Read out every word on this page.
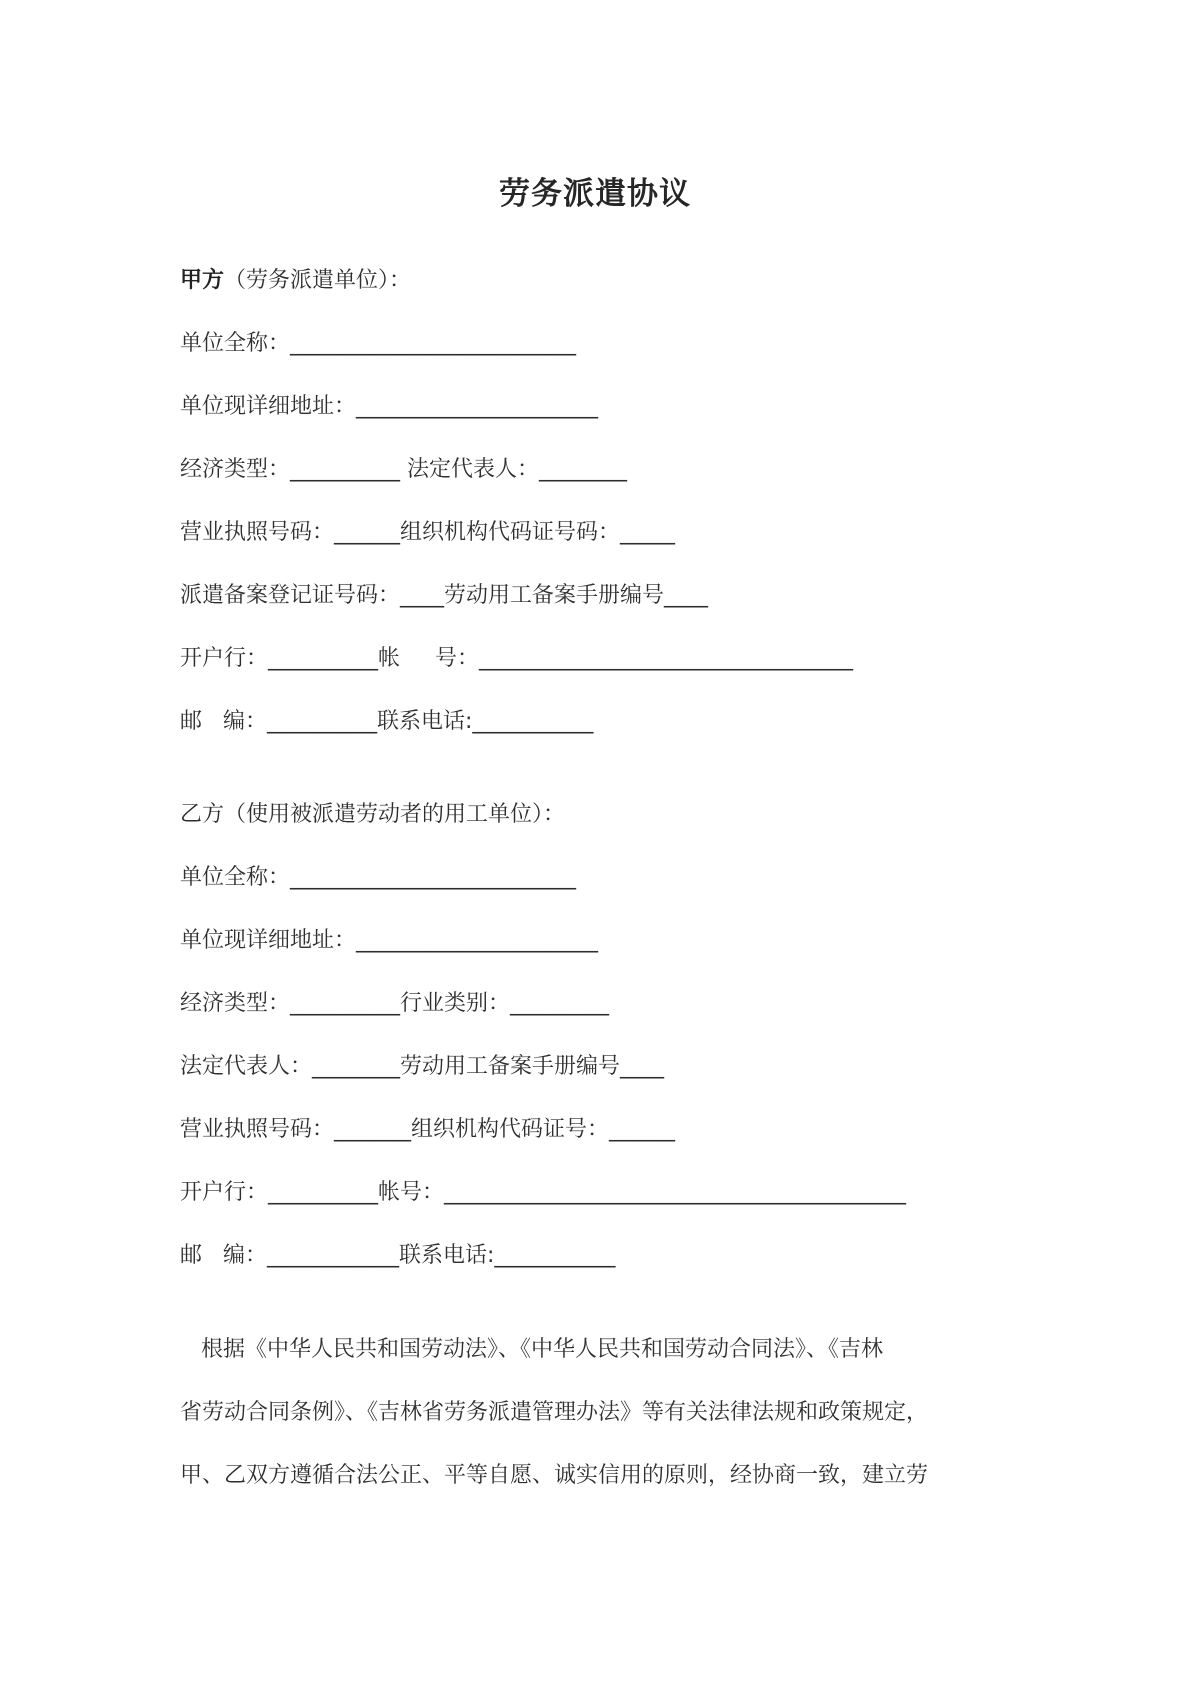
劳务派遣协议
甲方（劳务派遣单位）：
单位全称：__________________________
单位现详细地址：______________________
经济类型：__________ 法定代表人：________
营业执照号码：______组织机构代码证号码：_____
派遣备案登记证号码：____劳动用工备案手册编号____
开户行：__________帐     号：__________________________________
邮   编：__________联系电话:___________
乙方（使用被派遣劳动者的用工单位）：
单位全称：__________________________
单位现详细地址：______________________
经济类型：__________行业类别：_________
法定代表人：________劳动用工备案手册编号____
营业执照号码：_______组织机构代码证号：______
开户行：__________帐号：__________________________________________
邮   编：____________联系电话:___________
根据《中华人民共和国劳动法》、《中华人民共和国劳动合同法》、《吉林
省劳动合同条例》、《吉林省劳务派遣管理办法》等有关法律法规和政策规定，
甲、乙双方遵循合法公正、平等自愿、诚实信用的原则，经协商一致，建立劳
